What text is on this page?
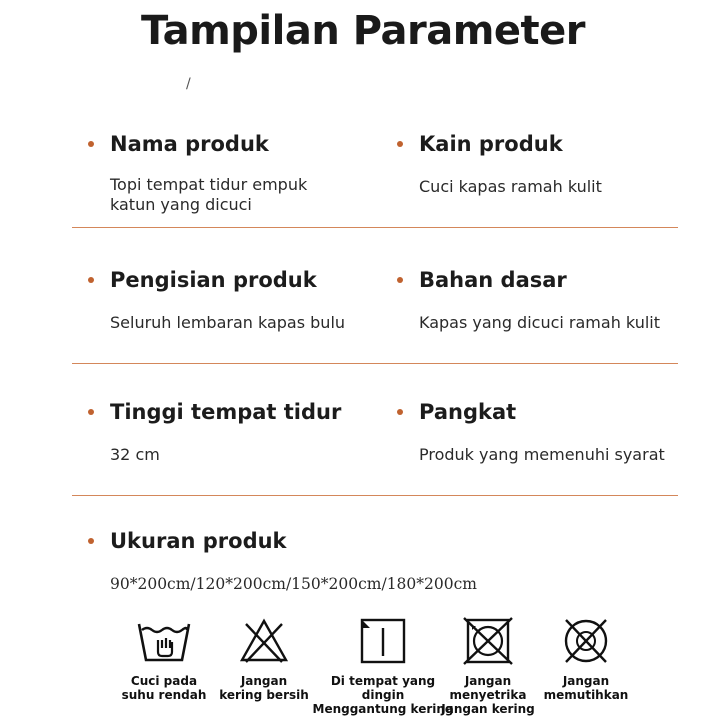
Tampilan Parameter
/
Nama produk
Topi tempat tidur empuk
katun yang dicuci
Kain produk
Cuci kapas ramah kulit
Pengisian produk
Seluruh lembaran kapas bulu
Bahan dasar
Kapas yang dicuci ramah kulit
Tinggi tempat tidur
32 cm
Pangkat
Produk yang memenuhi syarat
Ukuran produk
90*200cm/120*200cm/150*200cm/180*200cm
Cuci pada
suhu rendah
Jangan
kering bersih
Di tempat yang dingin
Menggantung kering
Jangan
menyetrika
Jangan kering
Jangan
memutihkan
